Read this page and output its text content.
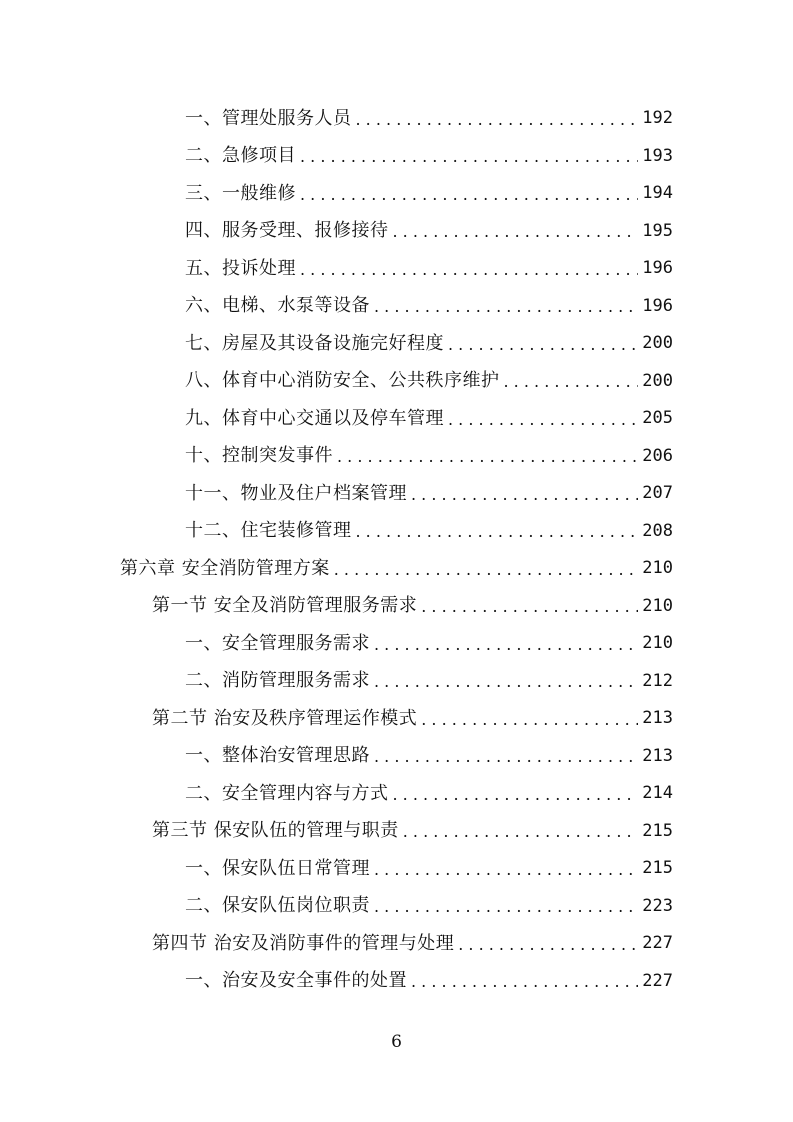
一、管理处服务人员 . . .	192
二、急修项目 . . .	193
三、一般维修 . . .	194
四、服务受理、报修接待 . . .	195
五、投诉处理 . . .	196
六、电梯、水泵等设备 . . .	196
七、房屋及其设备设施完好程度 . . .	200
八、体育中心消防安全、公共秩序维护 . . .	200
九、体育中心交通以及停车管理 . . .	205
十、控制突发事件 . . .	206
十一、物业及住户档案管理 . . .	207
十二、住宅装修管理 . . .	208
第六章 安全消防管理方案 . . .	210
第一节 安全及消防管理服务需求 . . .	210
一、安全管理服务需求 . . .	210
二、消防管理服务需求 . . .	212
第二节 治安及秩序管理运作模式 . . .	213
一、整体治安管理思路 . . .	213
二、安全管理内容与方式 . . .	214
第三节 保安队伍的管理与职责 . . .	215
一、保安队伍日常管理 . . .	215
二、保安队伍岗位职责 . . .	223
第四节 治安及消防事件的管理与处理 . . .	227
一、治安及安全事件的处置 . . .	227
6
